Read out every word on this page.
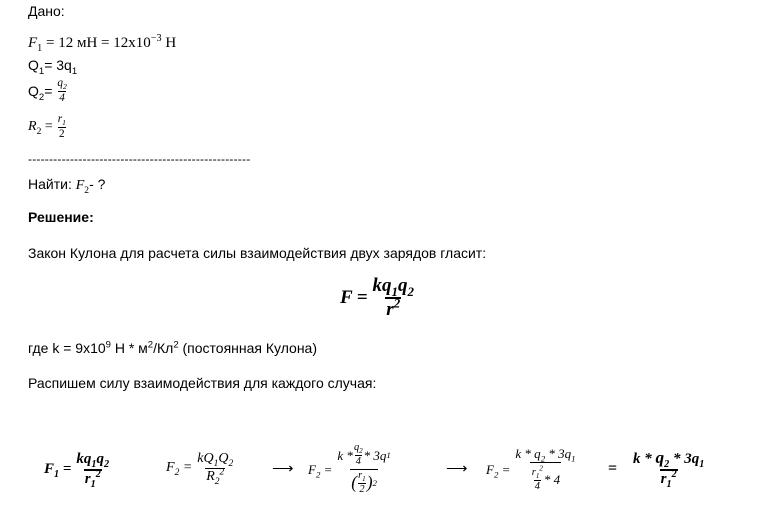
Дано:
$F_1 = 12$ мН = $12х10^{-3}$ Н
$Q_1= 3q_1$
$Q_2= \frac{q_2}{4}$
$R_2 = \frac{r_1}{2}$
-----------------------------------------------------
Найти: $F_2-$ ?
Решение:
Закон Кулона для расчета силы взаимодействия двух зарядов гласит:
$F = \frac{kq_1q_2}{r^2}$
где $k = 9х10^9$ Н * $м^2/Кл^2$ (постоянная Кулона)
Распишем силу взаимодействия для каждого случая:
$F_1 = \frac{kq_1q_2}{r_1^2}$	$F_2 = \frac{kQ_1Q_2}{R_2^2}$	⟶ $F_2 = \frac{k * \frac{q_2}{4} * 3q 1}{( \frac{r_1}{2} ) 2}$	⟶ $F_2 = \frac{k * q_2 * 3q_1}{\frac{r_1^2}{4} * 4} = \frac{k * q_2 * 3q_1}{r_1^2}$
